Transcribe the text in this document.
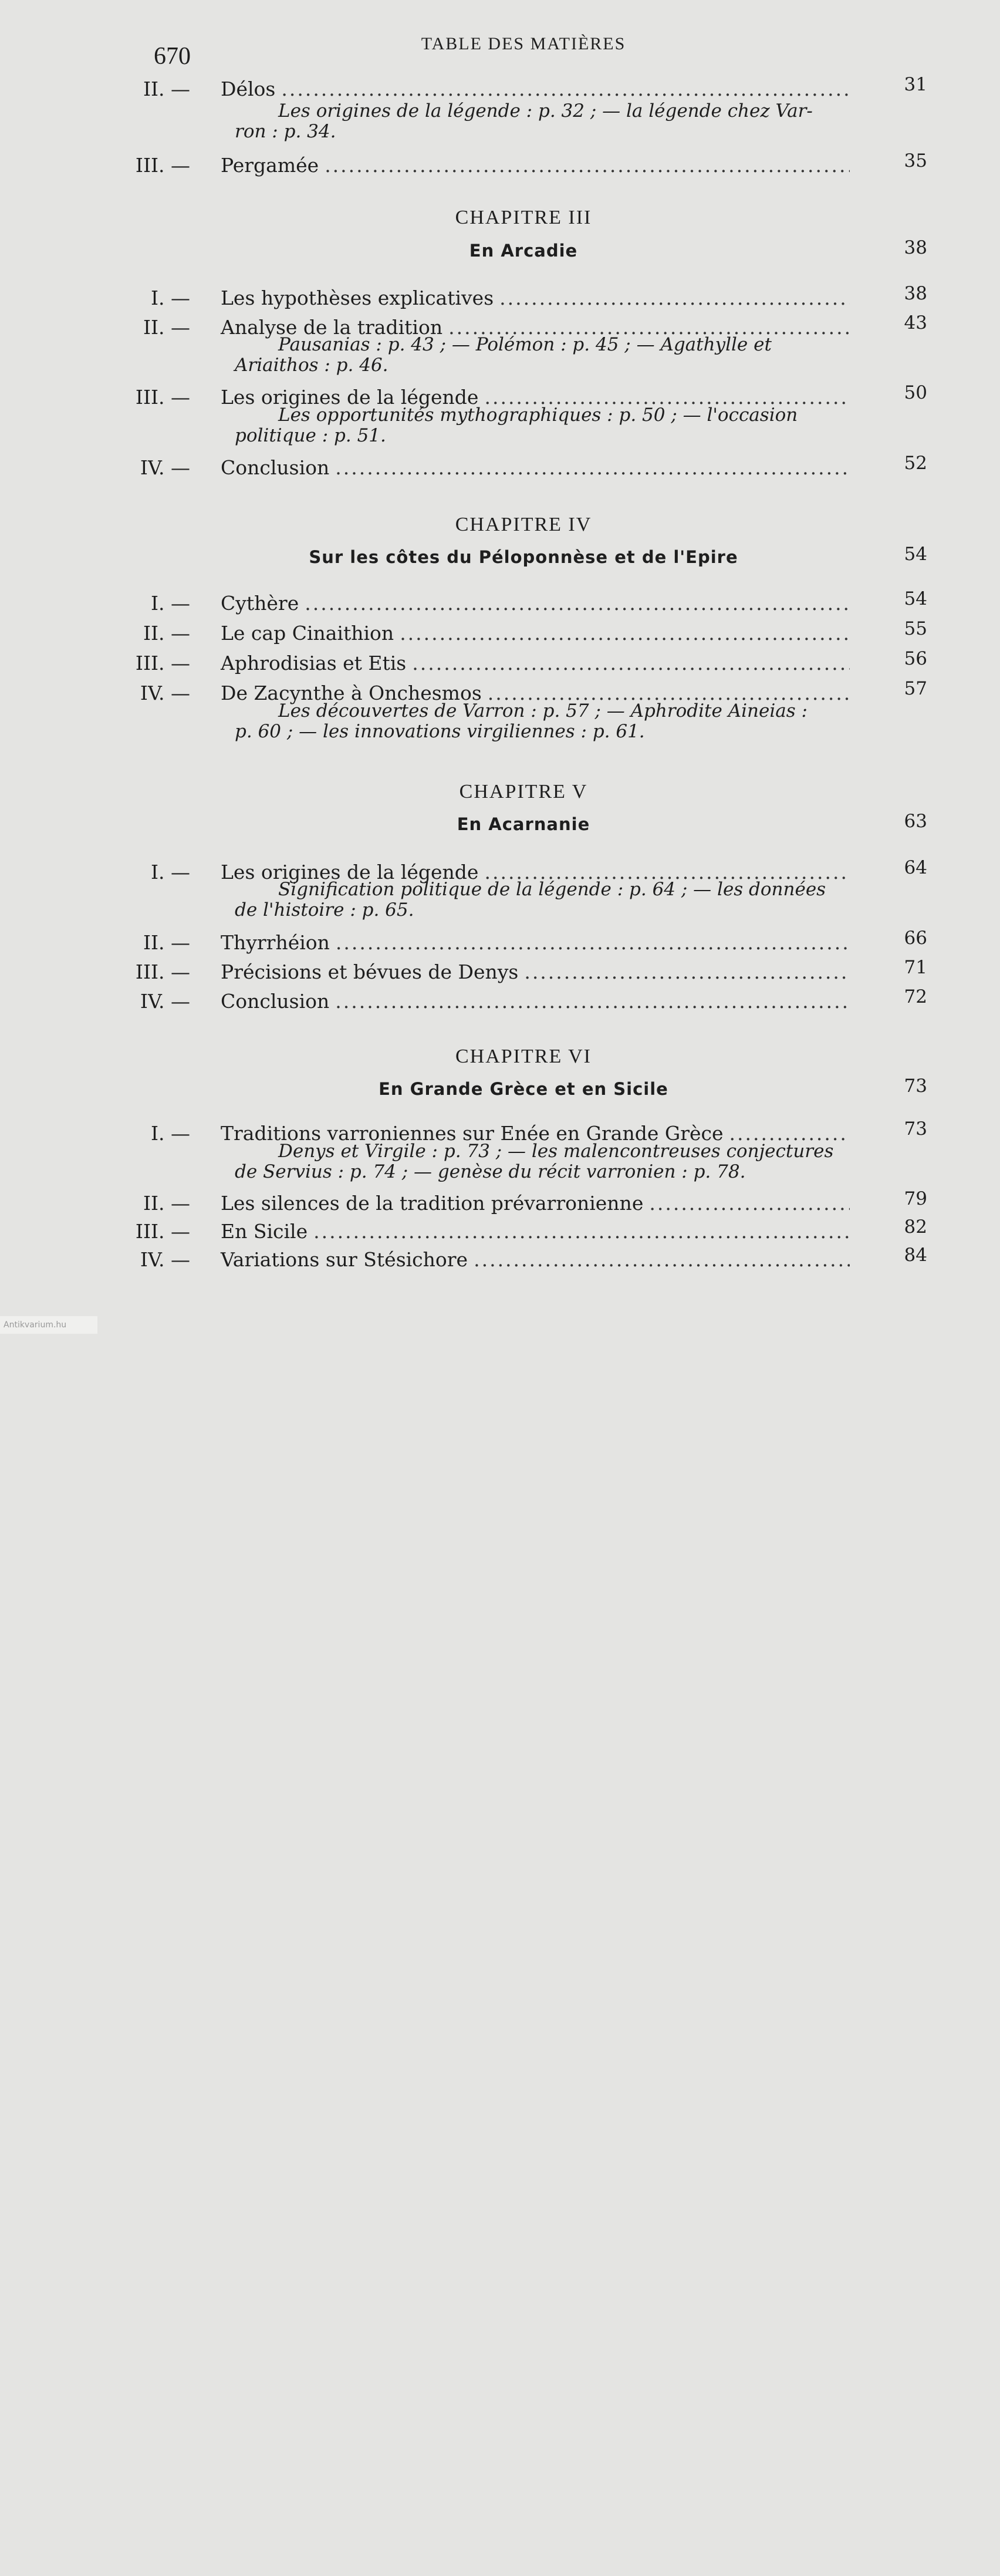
670	TABLE DES MATIÈRES
II. — Délos .....	31
Les origines de la légende : p. 32 ; — la légende chez Var-
ron : p. 34.
III. — Pergamée .....	35
CHAPITRE III
En Arcadie	38
I. — Les hypothèses explicatives .....	38
II. — Analyse de la tradition .....	43
Pausanias : p. 43 ; — Polémon : p. 45 ; — Agathylle et
Ariaithos : p. 46.
III. — Les origines de la légende .....	50
Les opportunités mythographiques : p. 50 ; — l'occasion
politique : p. 51.
IV. — Conclusion .....	52
CHAPITRE IV
Sur les côtes du Péloponnèse et de l'Epire	54
I. — Cythère .....	54
II. — Le cap Cinaithion .....	55
III. — Aphrodisias et Etis .....	56
IV. — De Zacynthe à Onchesmos .....	57
Les découvertes de Varron : p. 57 ; — Aphrodite Aineias :
p. 60 ; — les innovations virgiliennes : p. 61.
CHAPITRE V
En Acarnanie	63
I. — Les origines de la légende .....	64
Signification politique de la légende : p. 64 ; — les données
de l'histoire : p. 65.
II. — Thyrrhéion .....	66
III. — Précisions et bévues de Denys .....	71
IV. — Conclusion .....	72
CHAPITRE VI
En Grande Grèce et en Sicile	73
I. — Traditions varroniennes sur Enée en Grande Grèce .....	73
Denys et Virgile : p. 73 ; — les malencontreuses conjectures
de Servius : p. 74 ; — genèse du récit varronien : p. 78.
II. — Les silences de la tradition prévarronienne .....	79
III. — En Sicile .....	82
IV. — Variations sur Stésichore .....	84
Antikvarium.hu
